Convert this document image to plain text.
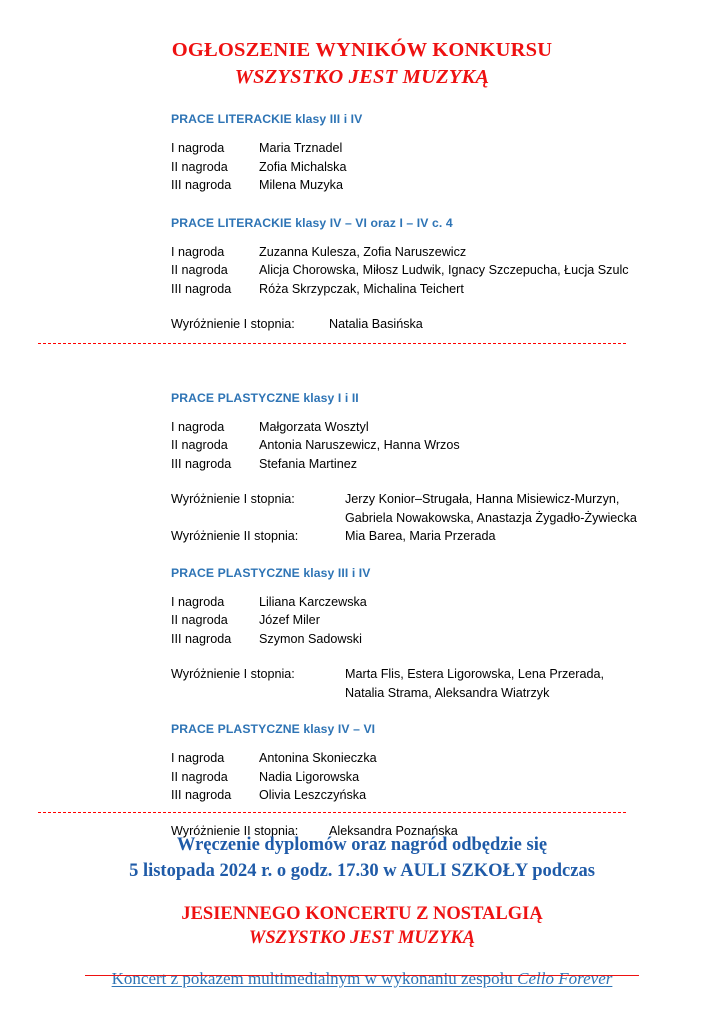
OGŁOSZENIE WYNIKÓW KONKURSU
WSZYSTKO JEST MUZYKĄ
PRACE LITERACKIE klasy III i IV
I nagroda	Maria Trznadel
II nagroda	Zofia Michalska
III nagroda	Milena Muzyka
PRACE LITERACKIE klasy IV – VI oraz I – IV c. 4
I nagroda	Zuzanna Kulesza, Zofia Naruszewicz
II nagroda	Alicja Chorowska, Miłosz Ludwik, Ignacy Szczepucha, Łucja Szulc
III nagroda	Róża Skrzypczak, Michalina Teichert
Wyróżnienie I stopnia:	Natalia Basińska
PRACE PLASTYCZNE klasy I i II
I nagroda	Małgorzata Wosztyl
II nagroda	Antonia Naruszewicz, Hanna Wrzos
III nagroda	Stefania Martinez
Wyróżnienie I stopnia:	Jerzy Konior–Strugała, Hanna Misiewicz-Murzyn,
Gabriela Nowakowska, Anastazja Żygadło-Żywiecka
Wyróżnienie II stopnia:	Mia Barea, Maria Przerada
PRACE PLASTYCZNE klasy III i IV
I nagroda	Liliana Karczewska
II nagroda	Józef Miler
III nagroda	Szymon Sadowski
Wyróżnienie I stopnia:	Marta Flis, Estera Ligorowska, Lena Przerada,
Natalia Strama, Aleksandra Wiatrzyk
PRACE PLASTYCZNE klasy IV – VI
I nagroda	Antonina Skonieczka
II nagroda	Nadia Ligorowska
III nagroda	Olivia Leszczyńska
Wyróżnienie II stopnia:	Aleksandra Poznańska
Wręczenie dyplomów oraz nagród odbędzie się
5 listopada 2024 r. o godz. 17.30 w AULI SZKOŁY podczas
JESIENNEGO KONCERTU Z NOSTALGIĄ
WSZYSTKO JEST MUZYKĄ
Koncert z pokazem multimedialnym w wykonaniu zespołu Cello Forever
